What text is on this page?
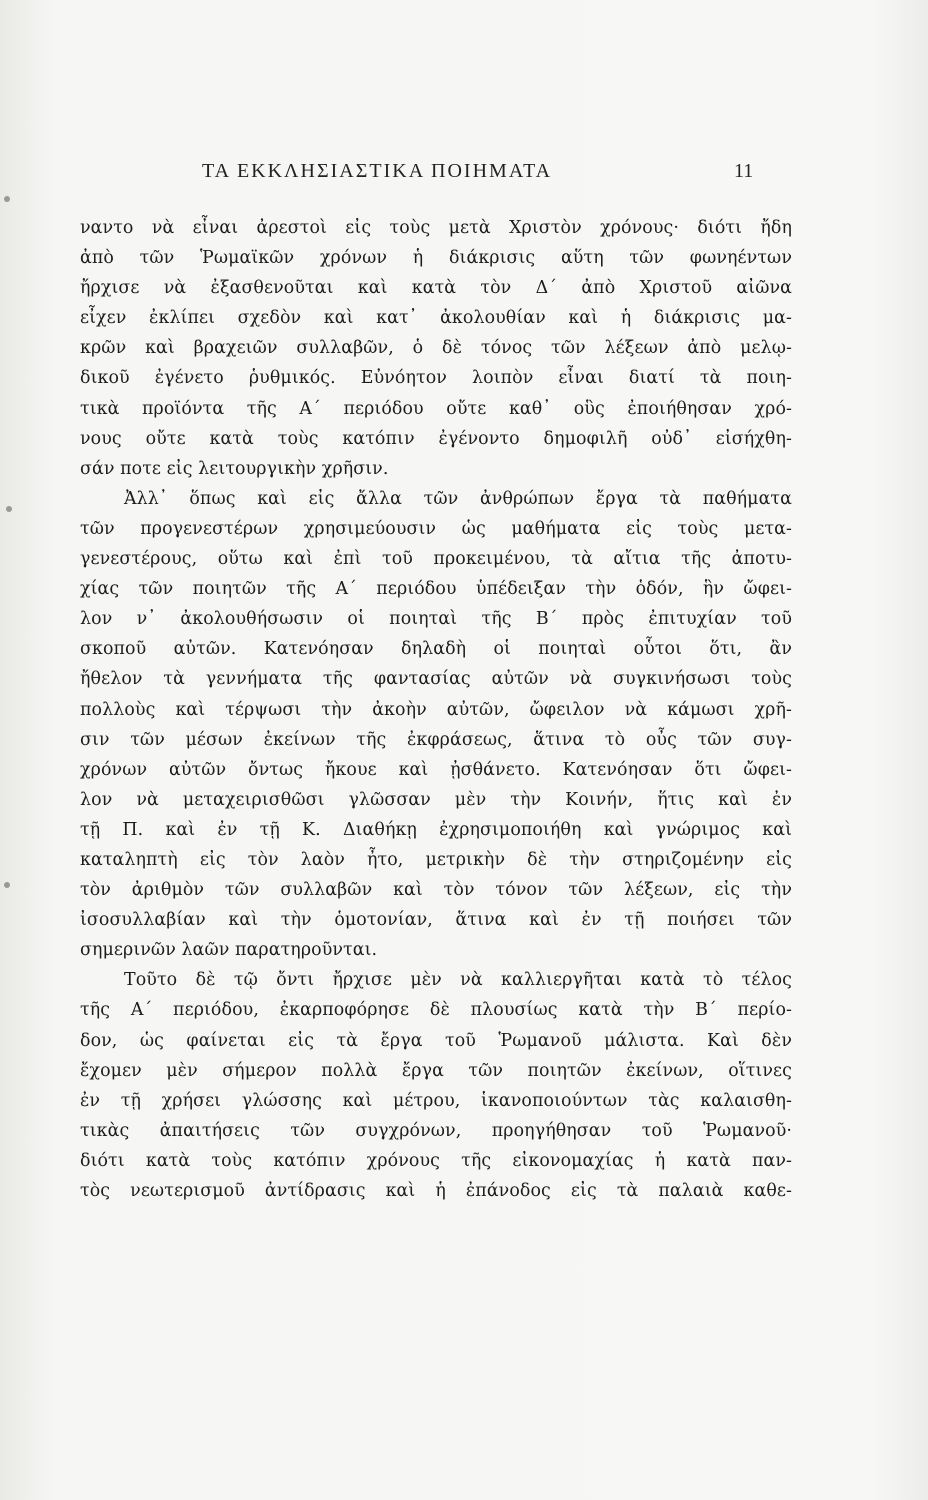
ΤΑ ΕΚΚΛΗΣΙΑΣΤΙΚΑ ΠΟΙΗΜΑΤΑ	11
ναντο νὰ εἶναι ἀρεστοὶ εἰς τοὺς μετὰ Χριστὸν χρόνους· διότι ἤδη
ἀπὸ τῶν Ῥωμαϊκῶν χρόνων ἡ διάκρισις αὕτη τῶν φωνηέντων
ἤρχισε νὰ ἐξασθενοῦται καὶ κατὰ τὸν Δ΄ ἀπὸ Χριστοῦ αἰῶνα
εἶχεν ἐκλίπει σχεδὸν καὶ κατ᾽ ἀκολουθίαν καὶ ἡ διάκρισις μα-
κρῶν καὶ βραχειῶν συλλαβῶν, ὁ δὲ τόνος τῶν λέξεων ἀπὸ μελῳ-
δικοῦ ἐγένετο ῥυθμικός. Εὐνόητον λοιπὸν εἶναι διατί τὰ ποιη-
τικὰ προϊόντα τῆς Α΄ περιόδου οὔτε καθ᾽ οὓς ἐποιήθησαν χρό-
νους οὔτε κατὰ τοὺς κατόπιν ἐγένοντο δημοφιλῆ οὐδ᾽ εἰσήχθη-
σάν ποτε εἰς λειτουργικὴν χρῆσιν.
Ἀλλ᾽ ὅπως καὶ εἰς ἄλλα τῶν ἀνθρώπων ἔργα τὰ παθήματα
τῶν προγενεστέρων χρησιμεύουσιν ὡς μαθήματα εἰς τοὺς μετα-
γενεστέρους, οὕτω καὶ ἐπὶ τοῦ προκειμένου, τὰ αἴτια τῆς ἀποτυ-
χίας τῶν ποιητῶν τῆς Α΄ περιόδου ὑπέδειξαν τὴν ὁδόν, ἣν ὤφει-
λον ν᾽ ἀκολουθήσωσιν οἱ ποιηταὶ τῆς Β΄ πρὸς ἐπιτυχίαν τοῦ
σκοποῦ αὐτῶν. Κατενόησαν δηλαδὴ οἱ ποιηταὶ οὗτοι ὅτι, ἂν
ἤθελον τὰ γεννήματα τῆς φαντασίας αὐτῶν νὰ συγκινήσωσι τοὺς
πολλοὺς καὶ τέρψωσι τὴν ἀκοὴν αὐτῶν, ὤφειλον νὰ κάμωσι χρῆ-
σιν τῶν μέσων ἐκείνων τῆς ἐκφράσεως, ἅτινα τὸ οὖς τῶν συγ-
χρόνων αὐτῶν ὄντως ἤκουε καὶ ᾐσθάνετο. Κατενόησαν ὅτι ὤφει-
λον νὰ μεταχειρισθῶσι γλῶσσαν μὲν τὴν Κοινήν, ἥτις καὶ ἐν
τῇ Π. καὶ ἐν τῇ Κ. Διαθήκῃ ἐχρησιμοποιήθη καὶ γνώριμος καὶ
καταληπτὴ εἰς τὸν λαὸν ἦτο, μετρικὴν δὲ τὴν στηριζομένην εἰς
τὸν ἀριθμὸν τῶν συλλαβῶν καὶ τὸν τόνον τῶν λέξεων, εἰς τὴν
ἰσοσυλλαβίαν καὶ τὴν ὁμοτονίαν, ἅτινα καὶ ἐν τῇ ποιήσει τῶν
σημερινῶν λαῶν παρατηροῦνται.
Τοῦτο δὲ τῷ ὄντι ἤρχισε μὲν νὰ καλλιεργῆται κατὰ τὸ τέλος
τῆς Α΄ περιόδου, ἐκαρποφόρησε δὲ πλουσίως κατὰ τὴν Β΄ περίο-
δον, ὡς φαίνεται εἰς τὰ ἔργα τοῦ Ῥωμανοῦ μάλιστα. Καὶ δὲν
ἔχομεν μὲν σήμερον πολλὰ ἔργα τῶν ποιητῶν ἐκείνων, οἵτινες
ἐν τῇ χρήσει γλώσσης καὶ μέτρου, ἱκανοποιούντων τὰς καλαισθη-
τικὰς ἀπαιτήσεις τῶν συγχρόνων, προηγήθησαν τοῦ Ῥωμανοῦ·
διότι κατὰ τοὺς κατόπιν χρόνους τῆς εἰκονομαχίας ἡ κατὰ παν-
τὸς νεωτερισμοῦ ἀντίδρασις καὶ ἡ ἐπάνοδος εἰς τὰ παλαιὰ καθε-
